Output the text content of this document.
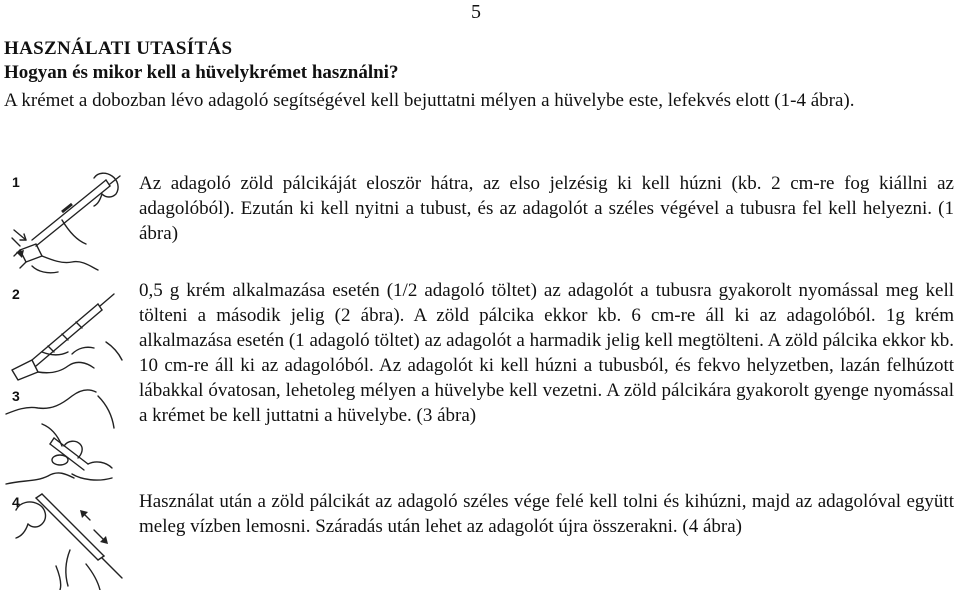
5
HASZNÁLATI UTASÍTÁS
Hogyan és mikor kell a hüvelykrémet használni?
A krémet a dobozban lévo adagoló segítségével kell bejuttatni mélyen a hüvelybe este, lefekvés elott (1-4 ábra).
1
2
3
4
Az adagoló zöld pálcikáját eloször hátra, az elso jelzésig ki kell húzni (kb. 2 cm-re fog kiállni az adagolóból). Ezután ki kell nyitni a tubust, és az adagolót a széles végével a tubusra fel kell helyezni. (1 ábra)
0,5 g krém alkalmazása esetén (1/2 adagoló töltet) az adagolót a tubusra gyakorolt nyomással meg kell tölteni a második jelig (2 ábra). A zöld pálcika ekkor kb. 6 cm-re áll ki az adagolóból. 1g krém alkalmazása esetén (1 adagoló töltet) az adagolót a harmadik jelig kell megtölteni. A zöld pálcika ekkor kb. 10 cm-re áll ki az adagolóból. Az adagolót ki kell húzni a tubusból, és fekvo helyzetben, lazán felhúzott lábakkal óvatosan, lehetoleg mélyen a hüvelybe kell vezetni. A zöld pálcikára gyakorolt gyenge nyomással a krémet be kell juttatni a hüvelybe. (3 ábra)
Használat után a zöld pálcikát az adagoló széles vége felé kell tolni és kihúzni, majd az adagolóval együtt meleg vízben lemosni. Száradás után lehet az adagolót újra összerakni. (4 ábra)
